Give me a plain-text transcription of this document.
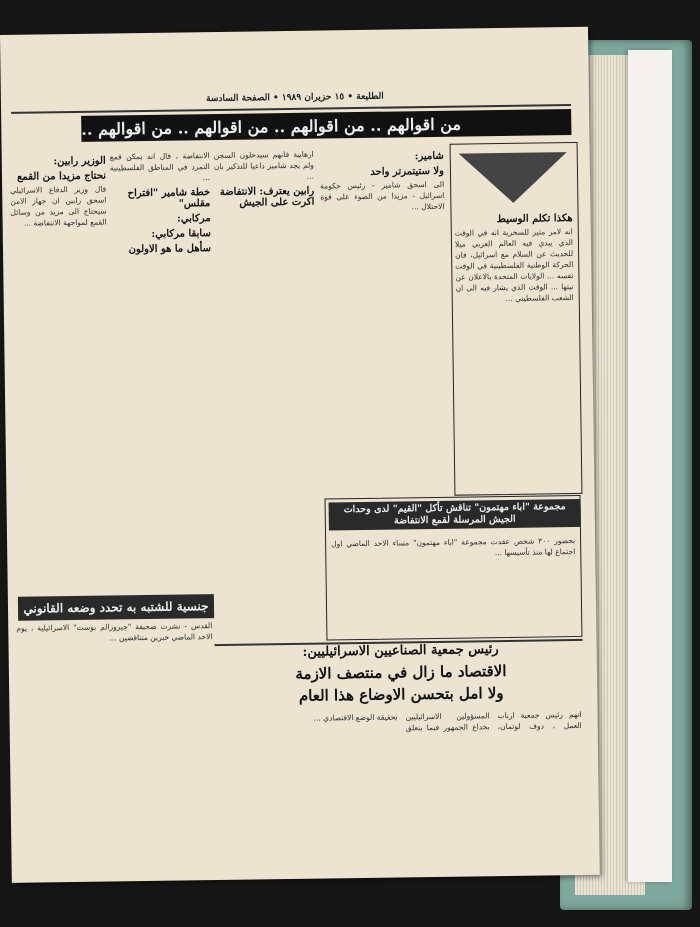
الطليعة • ١٥ حزيران ١٩٨٩ • الصفحة السادسة
من اقوالهم .. من اقوالهم .. من اقوالهم .. من اقوالهم ..
هكذا تكلم الوسيط
انه لامر مثير للسخرية انه في الوقت الذي يبدي فيه العالم العربي ميلا للحديث عن السلام مع اسرائيل، فان الحركة الوطنية الفلسطينية في الوقت نفسه ... الولايات المتحدة بالاعلان عن نيتها ... الوقت الذي يشار فيه الى ان الشعب الفلسطيني ...
شامير:
ولا ستيتمرتر واحد
الى اسحق شامير - رئيس حكومة اسرائيل - مزيدا من الضوء على قوة الاحتلال ...
ارهابية فانهم سيدخلون السجن ولم يجد شامير داعيا للتذكير بان ...
رابين يعترف: الانتفاضة اكرت على الجيش
الانتفاضة ، قال انه يمكن قمع التمرد في المناطق الفلسطينية ...
خطة شامير "افتراح مقلس"
مركابي:
سابقا مركابي:
سأهل ما هو الاولون
الوزير رابين:
نحتاج مزيدا من القمع
قال وزير الدفاع الاسرائيلي اسحق رابين ان جهاز الامن سيحتاج الى مزيد من وسائل القمع لمواجهة الانتفاضة ...
مجموعة "اباء مهتمون" تناقش تأكل "القيم" لدى وحدات الجيش المرسلة لقمع الانتفاضة
بحضور ٣٠٠ شخص عقدت مجموعة "اباء مهتمون" مساء الاحد الماضي اول اجتماع لها منذ تأسيسها ...
جنسية للشتبه به تحدد وضعه القانوني
القدس - نشرت صحيفة "جيروزالم بوست" الاسرائيلية ، يوم الاحد الماضي خبرين متناقضين ...
رئيس جمعية الصناعيين الاسرائيليين:
الاقتصاد ما زال في منتصف الازمة
ولا امل بتحسن الاوضاع هذا العام
انهم رئيس جمعية ارباب العمل ، دوف لوتمان، المسؤولين الاسرائيليين بخداع الجمهور فيما يتعلق بحقيقة الوضع الاقتصادي ...
